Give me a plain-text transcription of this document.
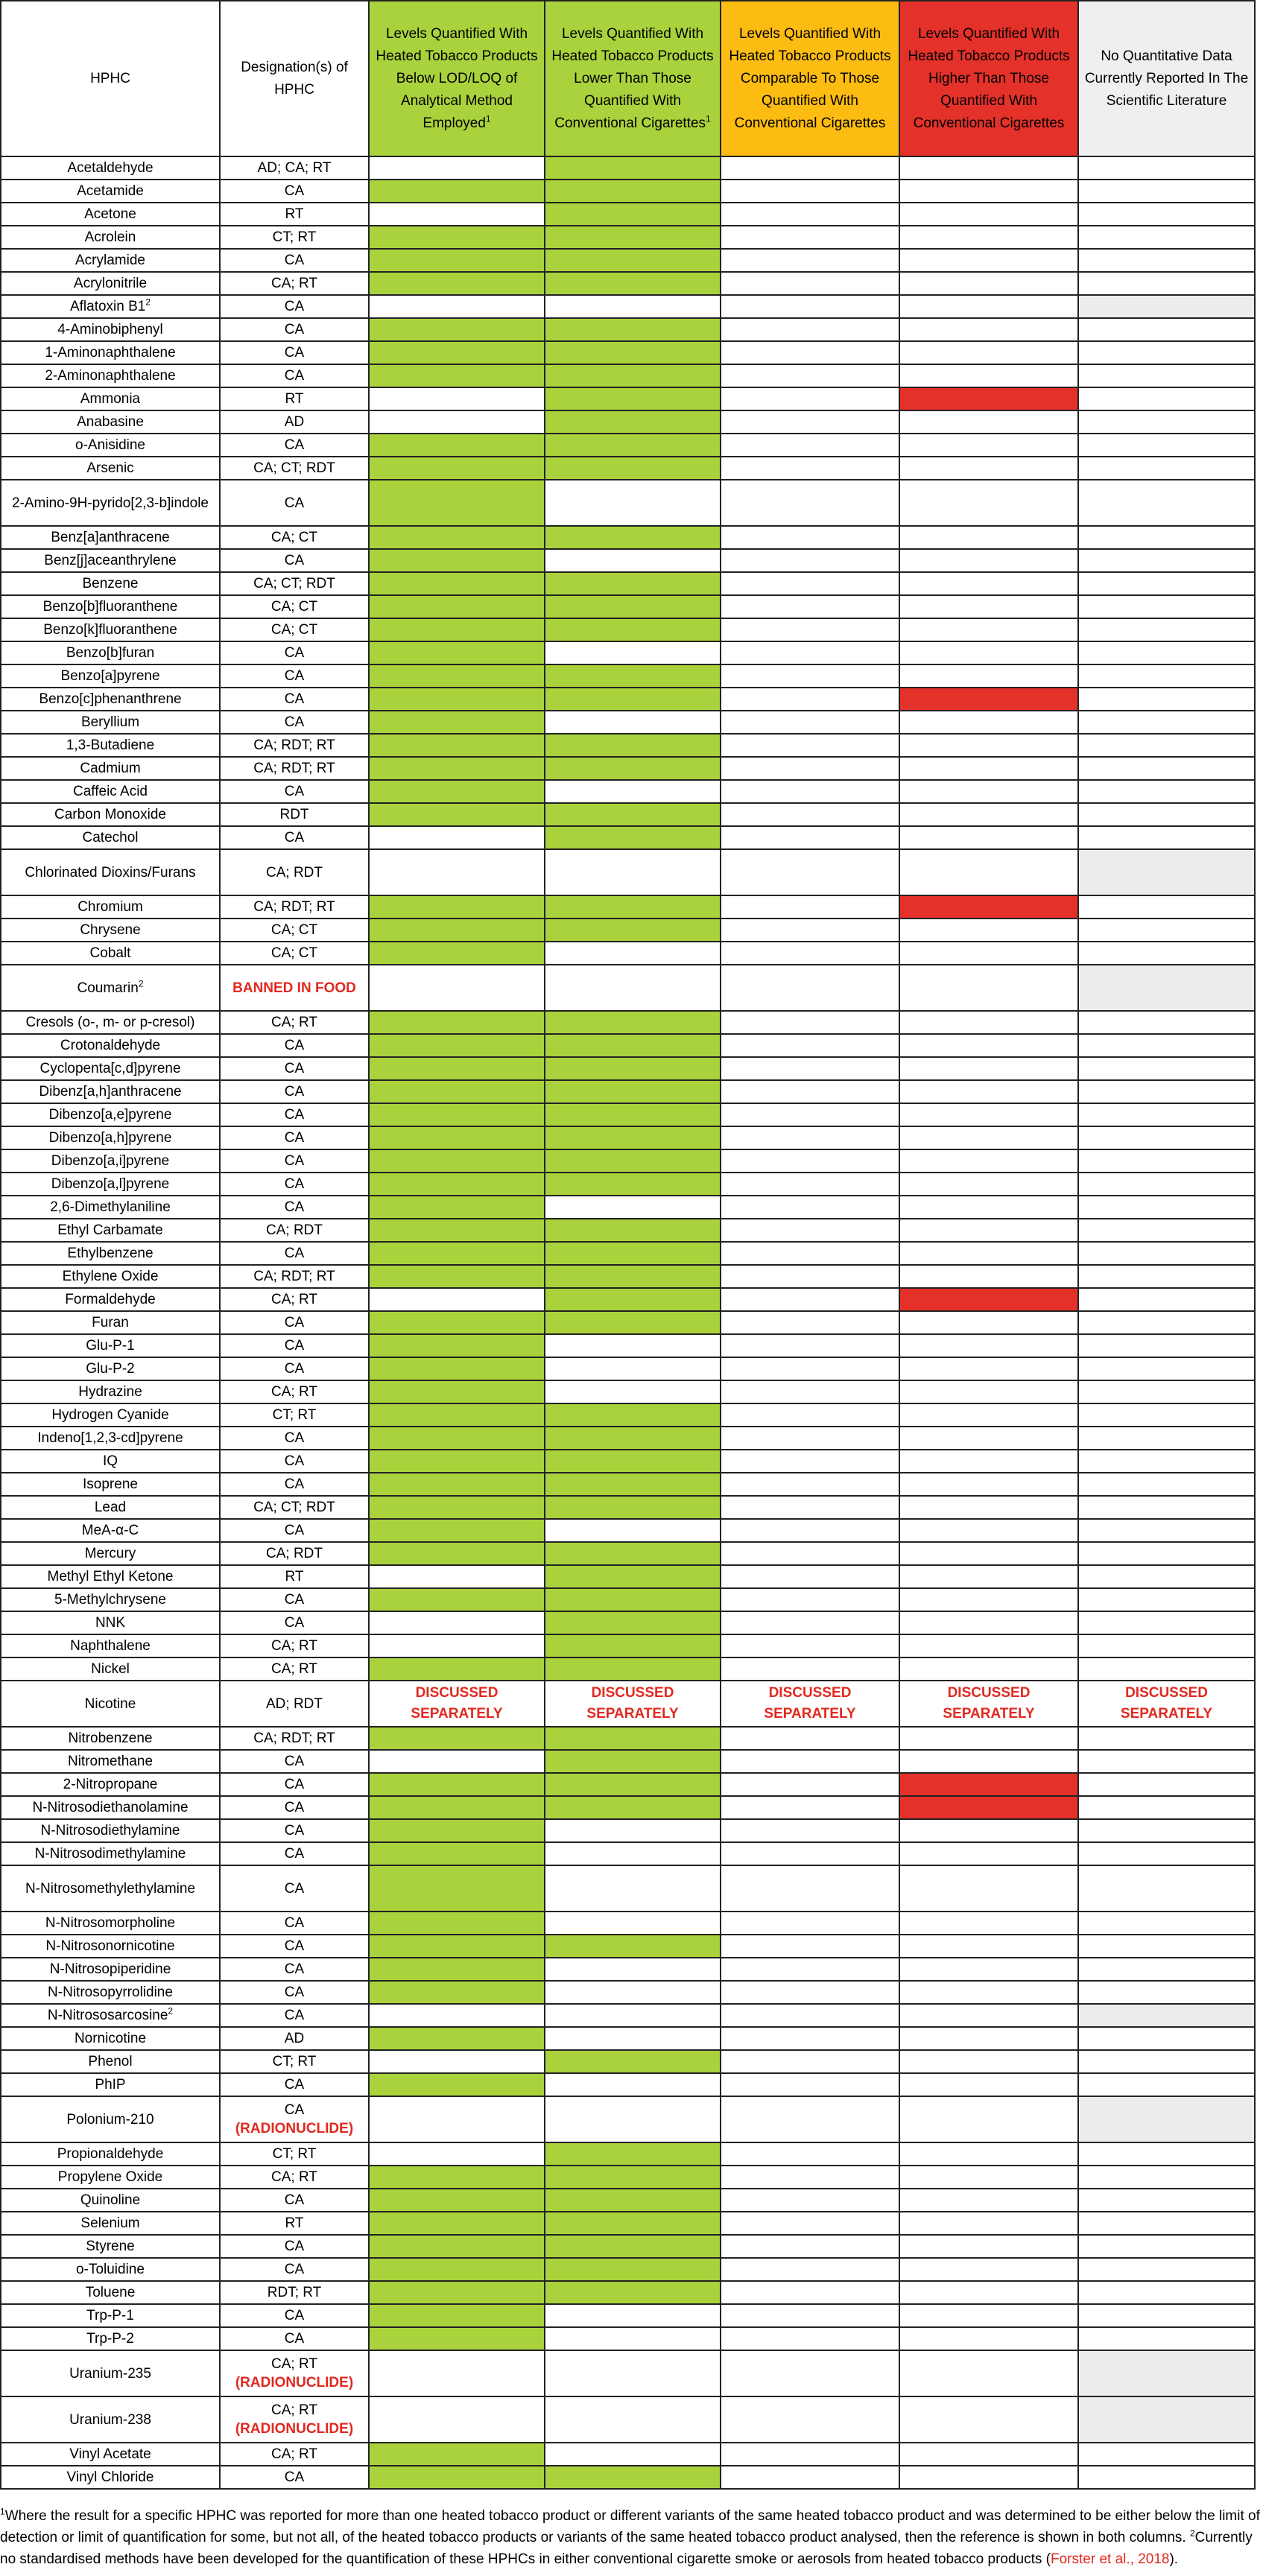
HPHC	Designation(s) of HPHC	Levels Quantified With Heated Tobacco Products Below LOD/LOQ of Analytical Method Employed$^1$	Levels Quantified With Heated Tobacco Products Lower Than Those Quantified With Conventional Cigarettes$^1$	Levels Quantified With Heated Tobacco Products Comparable To Those Quantified With Conventional Cigarettes	Levels Quantified With Heated Tobacco Products Higher Than Those Quantified With Conventional Cigarettes	No Quantitative Data Currently Reported In The Scientific Literature
Acetaldehyde	AD; CA; RT					
Acetamide	CA					
Acetone	RT					
Acrolein	CT; RT					
Acrylamide	CA					
Acrylonitrile	CA; RT					
Aflatoxin $B1^2$	CA					
4-Aminobiphenyl	CA					
1-Aminonaphthalene	CA					
2-Aminonaphthalene	CA					
Ammonia	RT					
Anabasine	AD					
o-Anisidine	CA					
Arsenic	CA; CT; RDT					
2-Amino-9H-pyrido[2,3-b]indole	CA					
Benz[a]anthracene	CA; CT					
Benz[j]aceanthrylene	CA					
Benzene	CA; CT; RDT					
Benzo[b]fluoranthene	CA; CT					
Benzo[k]fluoranthene	CA; CT					
Benzo[b]furan	CA					
Benzo[a]pyrene	CA					
Benzo[c]phenanthrene	CA					
Beryllium	CA					
1,3-Butadiene	CA; RDT; RT					
Cadmium	CA; RDT; RT					
Caffeic Acid	CA					
Carbon Monoxide	RDT					
Catechol	CA					
Chlorinated Dioxins/Furans	CA; RDT					
Chromium	CA; RDT; RT					
Chrysene	CA; CT					
Cobalt	CA; CT					
Coumarin$^2$	BANNED IN FOOD					
Cresols (o-, m- or p-cresol)	CA; RT					
Crotonaldehyde	CA					
Cyclopenta[c,d]pyrene	CA					
Dibenz[a,h]anthracene	CA					
Dibenzo[a,e]pyrene	CA					
Dibenzo[a,h]pyrene	CA					
Dibenzo[a,i]pyrene	CA					
Dibenzo[a,l]pyrene	CA					
2,6-Dimethylaniline	CA					
Ethyl Carbamate	CA; RDT					
Ethylbenzene	CA					
Ethylene Oxide	CA; RDT; RT					
Formaldehyde	CA; RT					
Furan	CA					
Glu-P-1	CA					
Glu-P-2	CA					
Hydrazine	CA; RT					
Hydrogen Cyanide	CT; RT					
Indeno[1,2,3-cd]pyrene	CA					
IQ	CA					
Isoprene	CA					
Lead	CA; CT; RDT					
MeA-α-C	CA					
Mercury	CA; RDT					
Methyl Ethyl Ketone	RT					
5-Methylchrysene	CA					
NNK	CA					
Naphthalene	CA; RT					
Nickel	CA; RT					
Nicotine	AD; RDT	DISCUSSED SEPARATELY	DISCUSSED SEPARATELY	DISCUSSED SEPARATELY	DISCUSSED SEPARATELY	DISCUSSED SEPARATELY
Nitrobenzene	CA; RDT; RT					
Nitromethane	CA					
2-Nitropropane	CA					
N-Nitrosodiethanolamine	CA					
N-Nitrosodiethylamine	CA					
N-Nitrosodimethylamine	CA					
N-Nitrosomethylethylamine	CA					
N-Nitrosomorpholine	CA					
N-Nitrosonornicotine	CA					
N-Nitrosopiperidine	CA					
N-Nitrosopyrrolidine	CA					
N-Nitrososarcosine$^2$	CA					
Nornicotine	AD					
Phenol	CT; RT					
PhIP	CA					
Polonium-210	CA
(RADIONUCLIDE)					
Propionaldehyde	CT; RT					
Propylene Oxide	CA; RT					
Quinoline	CA					
Selenium	RT					
Styrene	CA					
o-Toluidine	CA					
Toluene	RDT; RT					
Trp-P-1	CA					
Trp-P-2	CA					
Uranium-235	CA; RT
(RADIONUCLIDE)					
Uranium-238	CA; RT
(RADIONUCLIDE)					
Vinyl Acetate	CA; RT					
Vinyl Chloride	CA					

$^1$Where the result for a specific HPHC was reported for more than one heated tobacco product or different variants of the same heated tobacco product and was determined to be either below the limit of detection or limit of quantification for some, but not all, of the heated tobacco products or variants of the same heated tobacco product analysed, then the reference is shown in both columns. $^2$Currently no standardised methods have been developed for the quantification of these HPHCs in either conventional cigarette smoke or aerosols from heated tobacco products (Forster et al., 2018).
